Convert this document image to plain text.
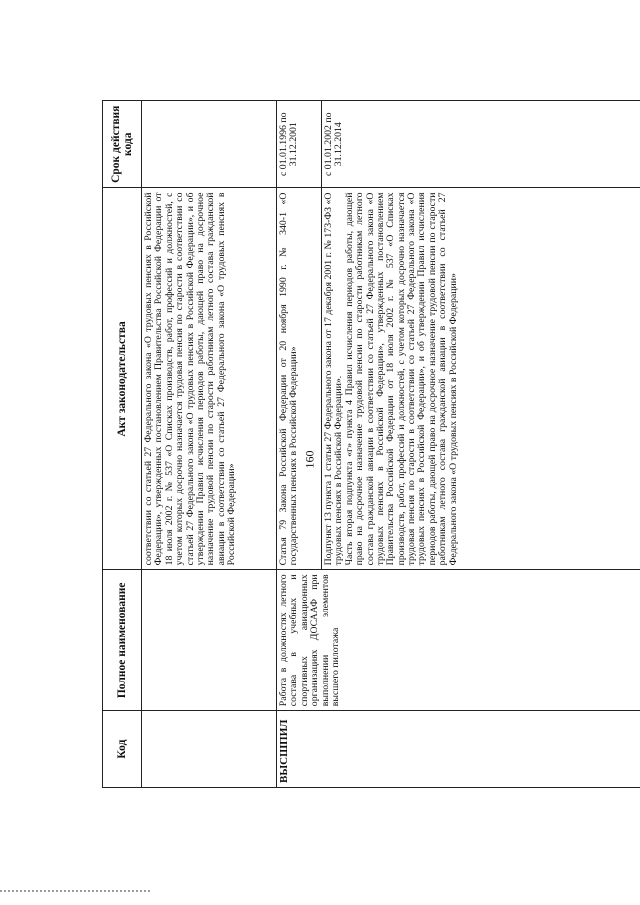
160
Код	Полное наименование	Акт законодательства	Срок действия кода

		соответствии со статьей 27 Федерального закона «О трудовых пенсиях в Российской Федерации», утвержденных постановлением Правительства Российской Федерации от 18 июля 2002 г. № 537 «О Списках производств, работ, профессий и должностей, с учетом которых досрочно назначается трудовая пенсия по старости в соответствии со статьей 27 Федерального закона «О трудовых пенсиях в Российской Федерации», и об утверждении Правил исчисления периодов работы, дающей право на досрочное назначение трудовой пенсии по старости работникам летного состава гражданской авиации в соответствии со статьей 27 Федерального закона «О трудовых пенсиях в Российской Федерации»	

ВЫСШПИЛ	Работа в должностях летного состава в учебных и спортивных авиационных организациях ДОСААФ при выполнении элементов высшего пилотажа	Статья 79 Закона Российской Федерации от 20 ноября 1990 г. № 340-1 «О государственных пенсиях в Российской Федерации»	с 01.01.1996 по 31.12.2001

		Подпункт 13 пункта 1 статьи 27 Федерального закона от 17 декабря 2001 г. № 173-ФЗ «О трудовых пенсиях в Российской Федерации». Часть вторая подпункта «г» пункта 4 Правил исчисления периодов работы, дающей право на досрочное назначение трудовой пенсии по старости работникам летного состава гражданской авиации в соответствии со статьей 27 Федерального закона «О трудовых пенсиях в Российской Федерации», утвержденных постановлением Правительства Российской Федерации от 18 июля 2002 г. № 537 «О Списках производств, работ, профессий и должностей, с учетом которых досрочно назначается трудовая пенсия по старости в соответствии со статьей 27 Федерального закона «О трудовых пенсиях в Российской Федерации», и об утверждении Правил исчисления периодов работы, дающей право на досрочное назначение трудовой пенсии по старости работникам летного состава гражданской авиации в соответствии со статьей 27 Федерального закона «О трудовых пенсиях в Российской Федерации»	с 01.01.2002 по 31.12.2014
